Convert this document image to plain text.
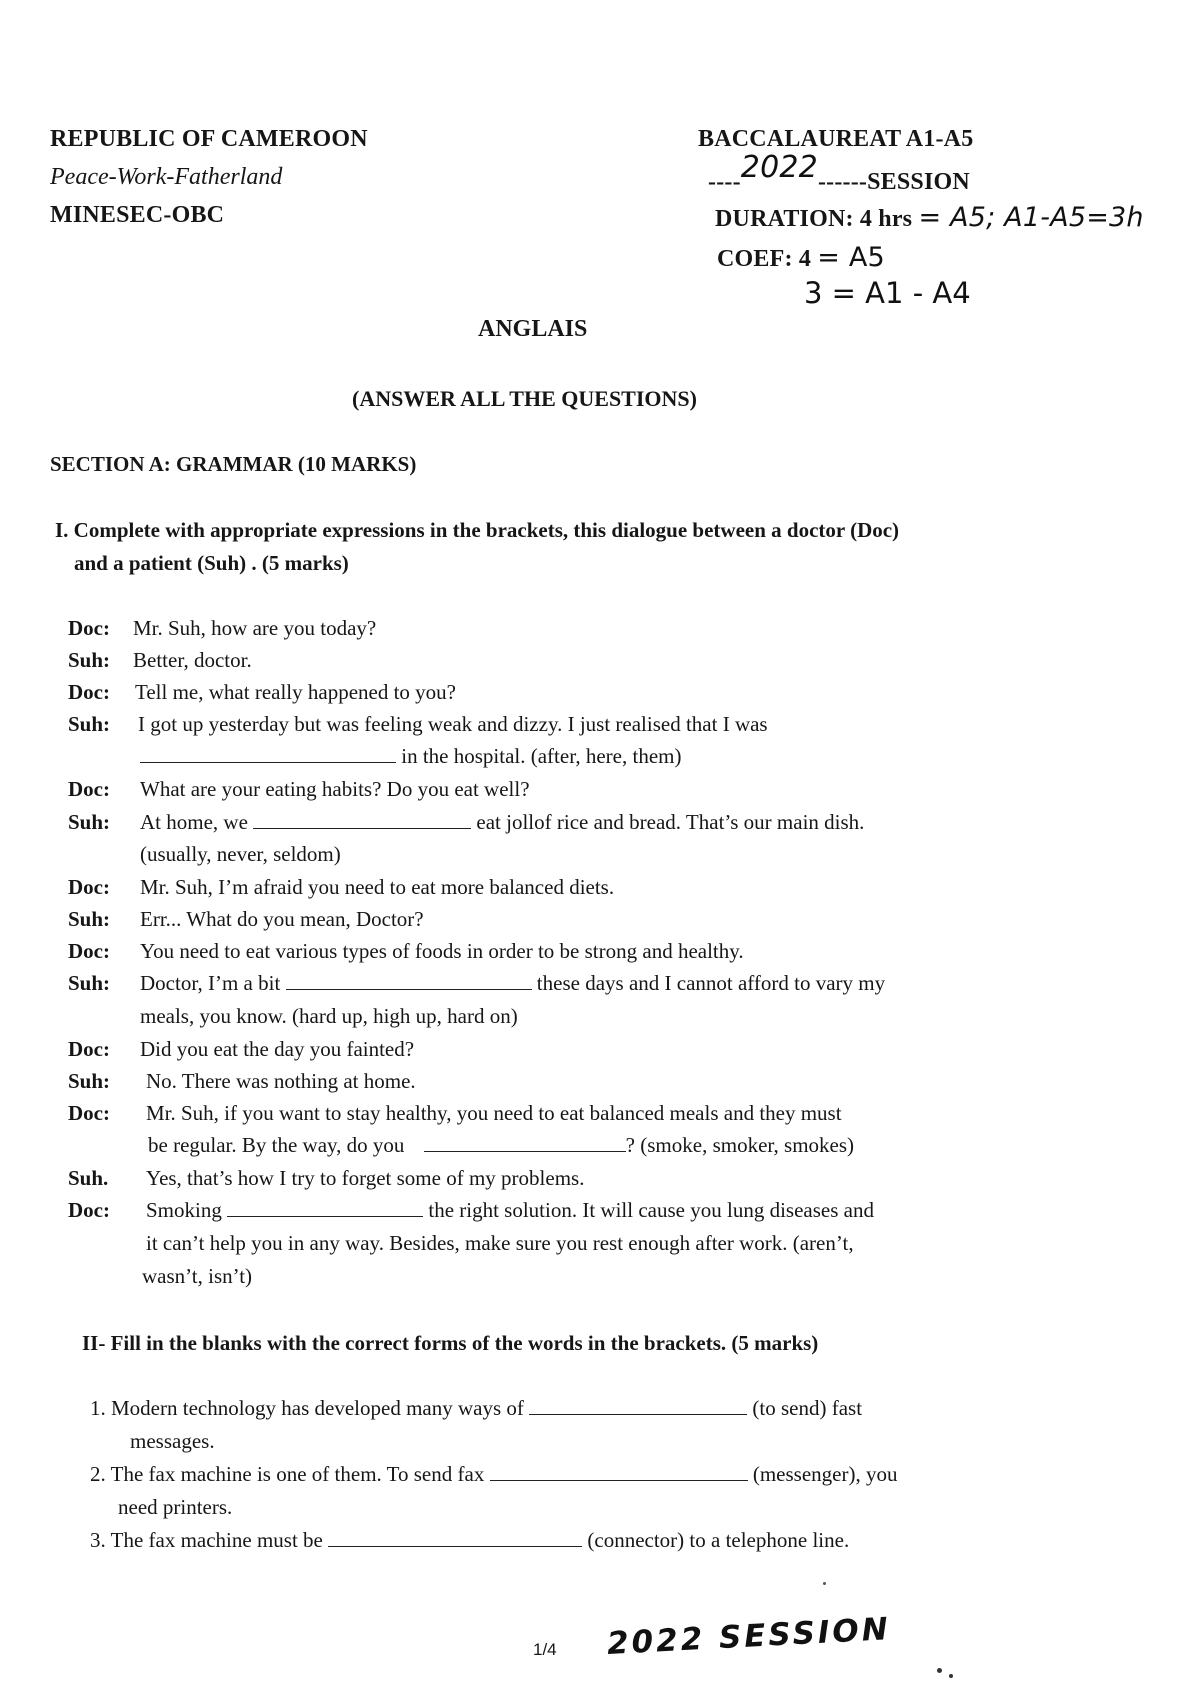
REPUBLIC OF CAMEROON
Peace-Work-Fatherland
MINESEC-OBC
BACCALAUREAT A1-A5
----2022------SESSION
DURATION: 4 hrs = A5; A1-A5=3h
COEF: 4 = A5
3 = A1 - A4
ANGLAIS
(ANSWER ALL THE QUESTIONS)
SECTION A: GRAMMAR (10 MARKS)
I. Complete with appropriate expressions in the brackets, this dialogue between a doctor (Doc)
and a patient (Suh) . (5 marks)
Doc: Mr. Suh, how are you today?
Suh: Better, doctor.
Doc: Tell me, what really happened to you?
Suh: I got up yesterday but was feeling weak and dizzy. I just realised that I was
in the hospital. (after, here, them)
Doc: What are your eating habits? Do you eat well?
Suh: At home, we	eat jollof rice and bread. That’s our main dish.
(usually, never, seldom)
Doc: Mr. Suh, I’m afraid you need to eat more balanced diets.
Suh: Err... What do you mean, Doctor?
Doc: You need to eat various types of foods in order to be strong and healthy.
Suh: Doctor, I’m a bit	these days and I cannot afford to vary my
meals, you know. (hard up, high up, hard on)
Doc: Did you eat the day you fainted?
Suh: No. There was nothing at home.
Doc: Mr. Suh, if you want to stay healthy, you need to eat balanced meals and they must
be regular. By the way, do you	? (smoke, smoker, smokes)
Suh. Yes, that’s how I try to forget some of my problems.
Doc: Smoking	the right solution. It will cause you lung diseases and
it can’t help you in any way. Besides, make sure you rest enough after work. (aren’t,
wasn’t, isn’t)
II- Fill in the blanks with the correct forms of the words in the brackets. (5 marks)
1. Modern technology has developed many ways of	(to send) fast
messages.
2. The fax machine is one of them. To send fax	(messenger), you
need printers.
3. The fax machine must be	(connector) to a telephone line.
1/4 2022 SESSION
